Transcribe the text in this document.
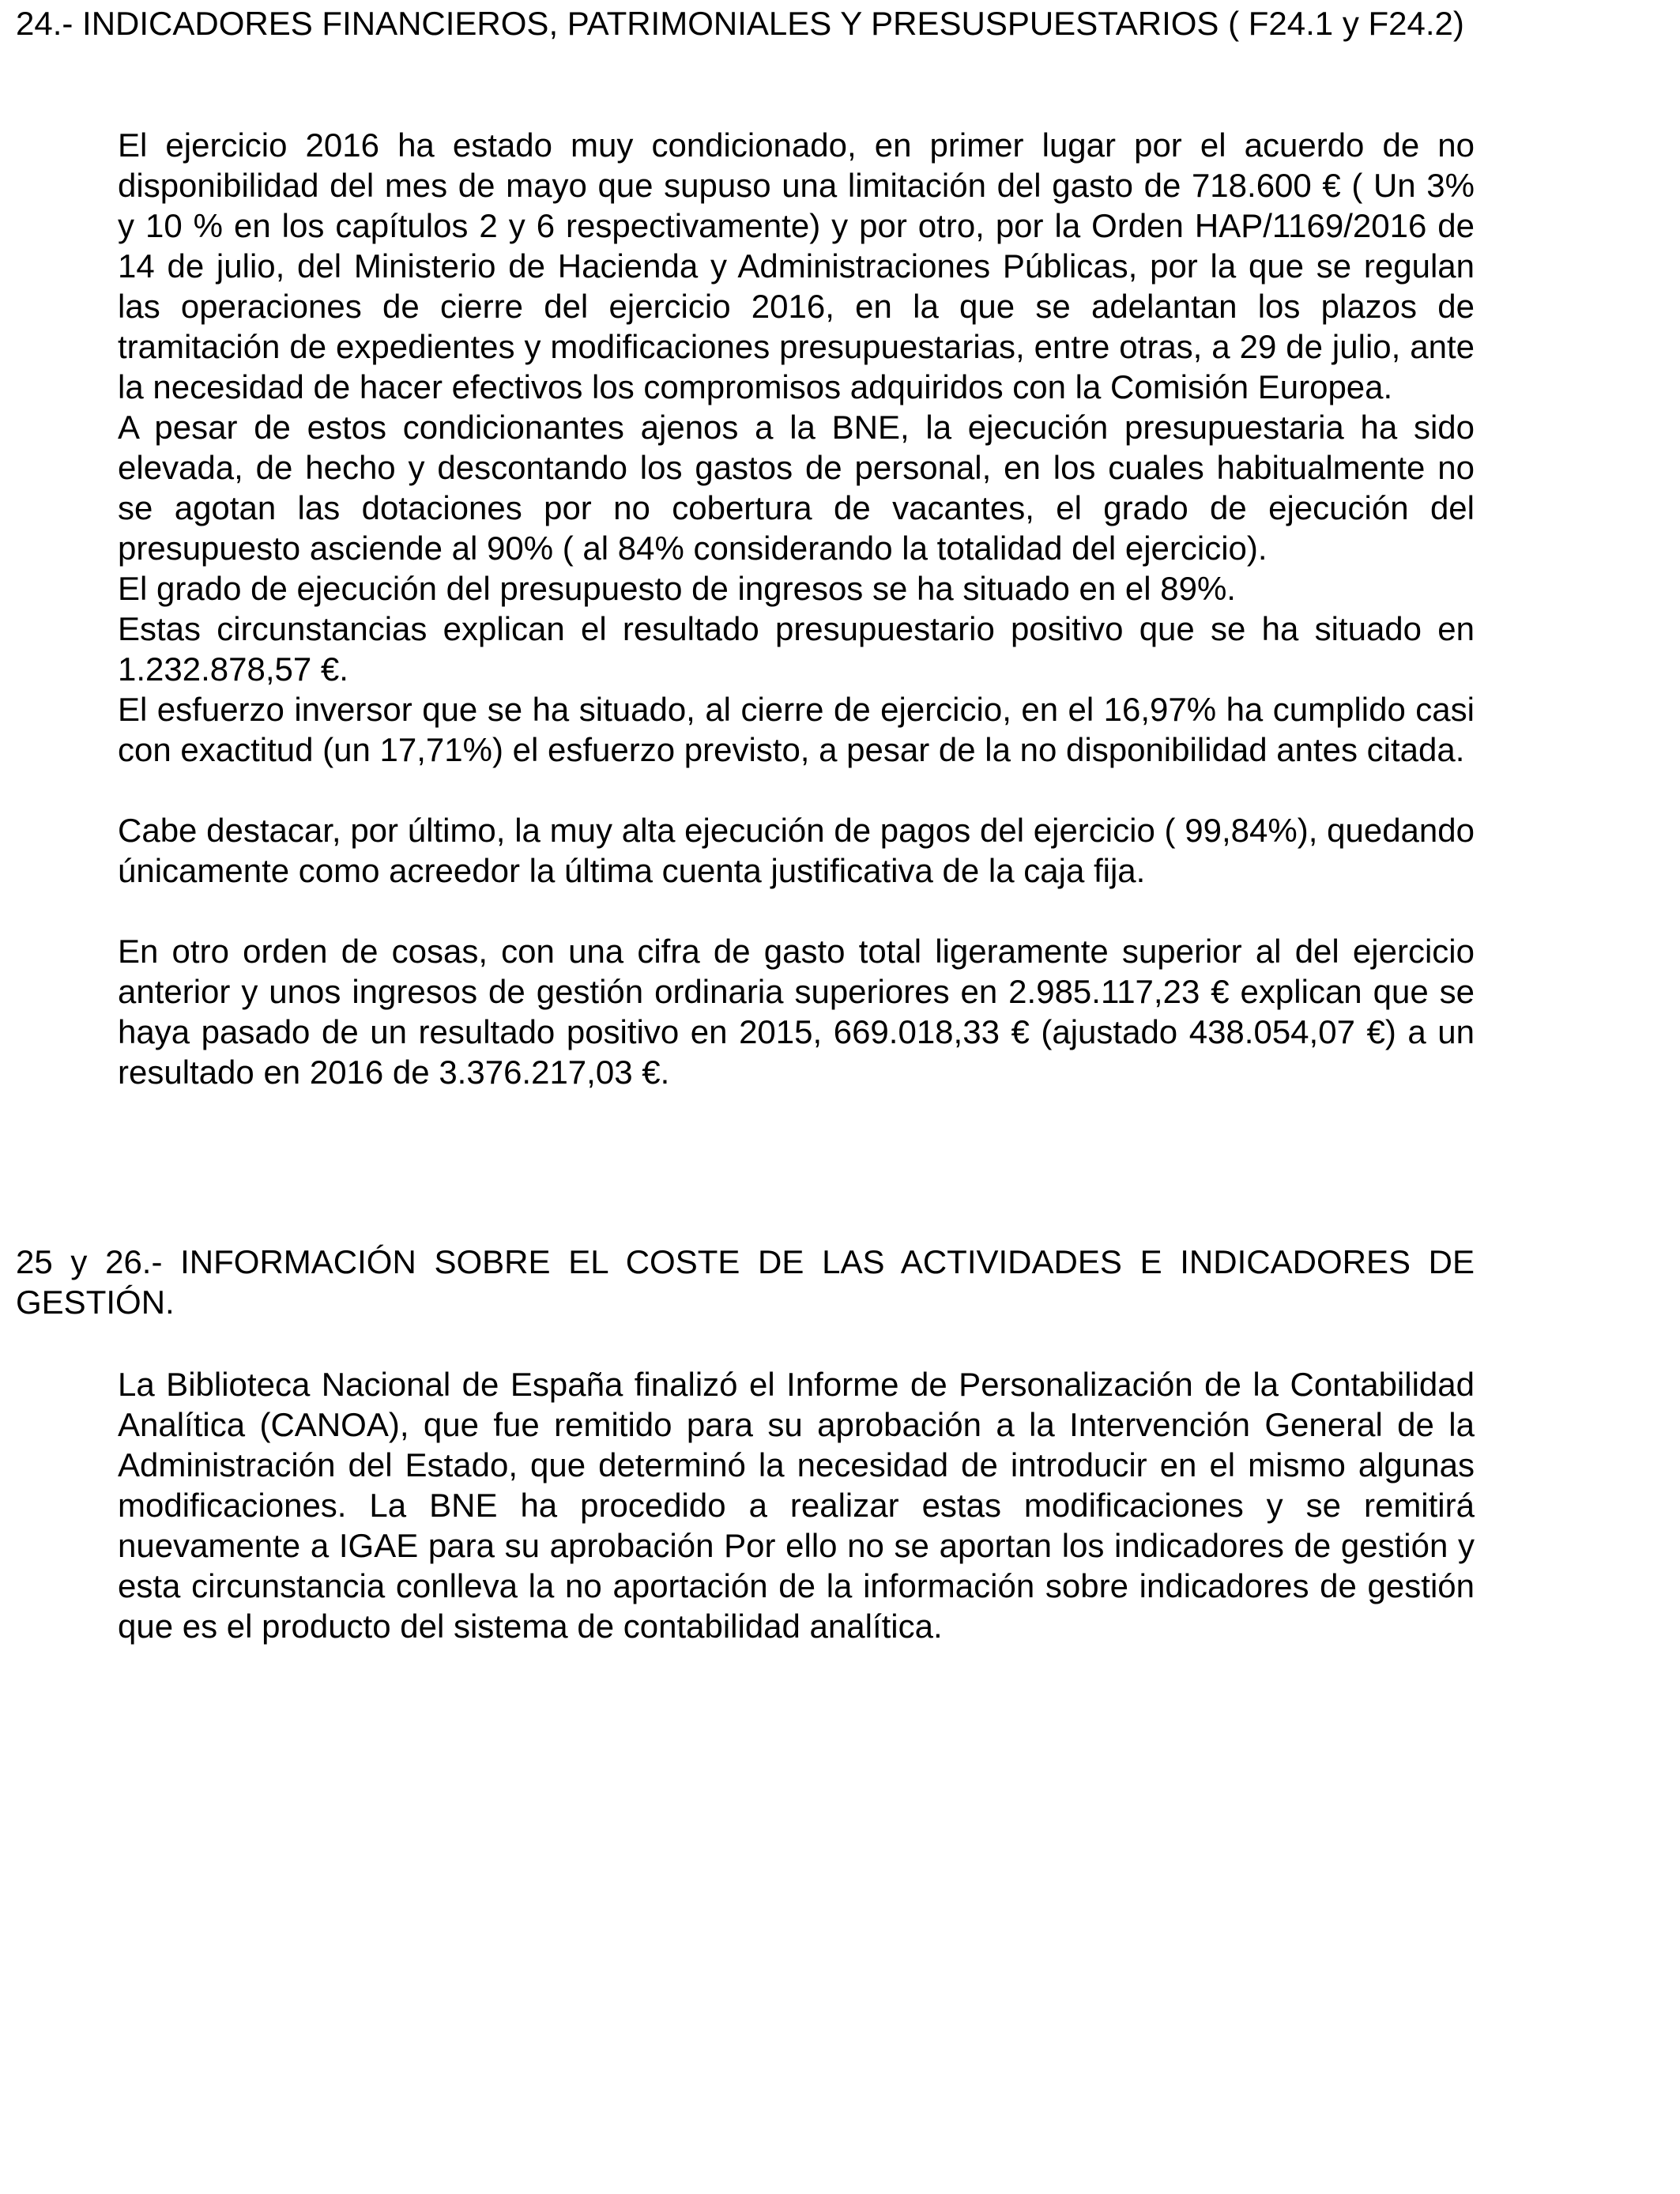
24.- INDICADORES FINANCIEROS, PATRIMONIALES Y PRESUSPUESTARIOS ( F24.1 y F24.2)

El ejercicio 2016 ha estado muy condicionado, en primer lugar por el acuerdo de no disponibilidad del mes de mayo que supuso una limitación del gasto de 718.600 € ( Un 3% y 10 % en los capítulos 2 y 6 respectivamente) y por otro, por la Orden HAP/1169/2016 de 14 de julio, del Ministerio de Hacienda y Administraciones Públicas, por la que se regulan las operaciones de cierre del ejercicio 2016, en la que se adelantan los plazos de tramitación de expedientes y modificaciones presupuestarias, entre otras, a 29 de julio, ante la necesidad de hacer efectivos los compromisos adquiridos con la Comisión Europea.

A pesar de estos condicionantes ajenos a la BNE, la ejecución presupuestaria ha sido elevada, de hecho y descontando los gastos de personal, en los cuales habitualmente no se agotan las dotaciones por no cobertura de vacantes, el grado de ejecución del presupuesto asciende al 90% ( al 84% considerando la totalidad del ejercicio).

El grado de ejecución del presupuesto de ingresos se ha situado en el 89%.

Estas circunstancias explican el resultado presupuestario positivo que se ha situado en 1.232.878,57 €.

El esfuerzo inversor que se ha situado, al cierre de ejercicio, en el 16,97% ha cumplido casi con exactitud (un 17,71%) el esfuerzo previsto, a pesar de la no disponibilidad antes citada.

Cabe destacar, por último, la muy alta ejecución de pagos del ejercicio ( 99,84%), quedando únicamente como acreedor la última cuenta justificativa de la caja fija.

En otro orden de cosas, con una cifra de gasto total ligeramente superior al del ejercicio anterior y unos ingresos de gestión ordinaria superiores en 2.985.117,23 € explican que se haya pasado de un resultado positivo en 2015, 669.018,33 € (ajustado 438.054,07 €) a un resultado en 2016 de 3.376.217,03 €.

25 y 26.- INFORMACIÓN SOBRE EL COSTE DE LAS ACTIVIDADES E INDICADORES DE GESTIÓN.

La Biblioteca Nacional de España finalizó el Informe de Personalización de la Contabilidad Analítica (CANOA), que fue remitido para su aprobación a la Intervención General de la Administración del Estado, que determinó la necesidad de introducir en el mismo algunas modificaciones. La BNE ha procedido a realizar estas modificaciones y se remitirá nuevamente a IGAE para su aprobación Por ello no se aportan los indicadores de gestión y esta circunstancia conlleva la no aportación de la información sobre indicadores de gestión que es el producto del sistema de contabilidad analítica.
